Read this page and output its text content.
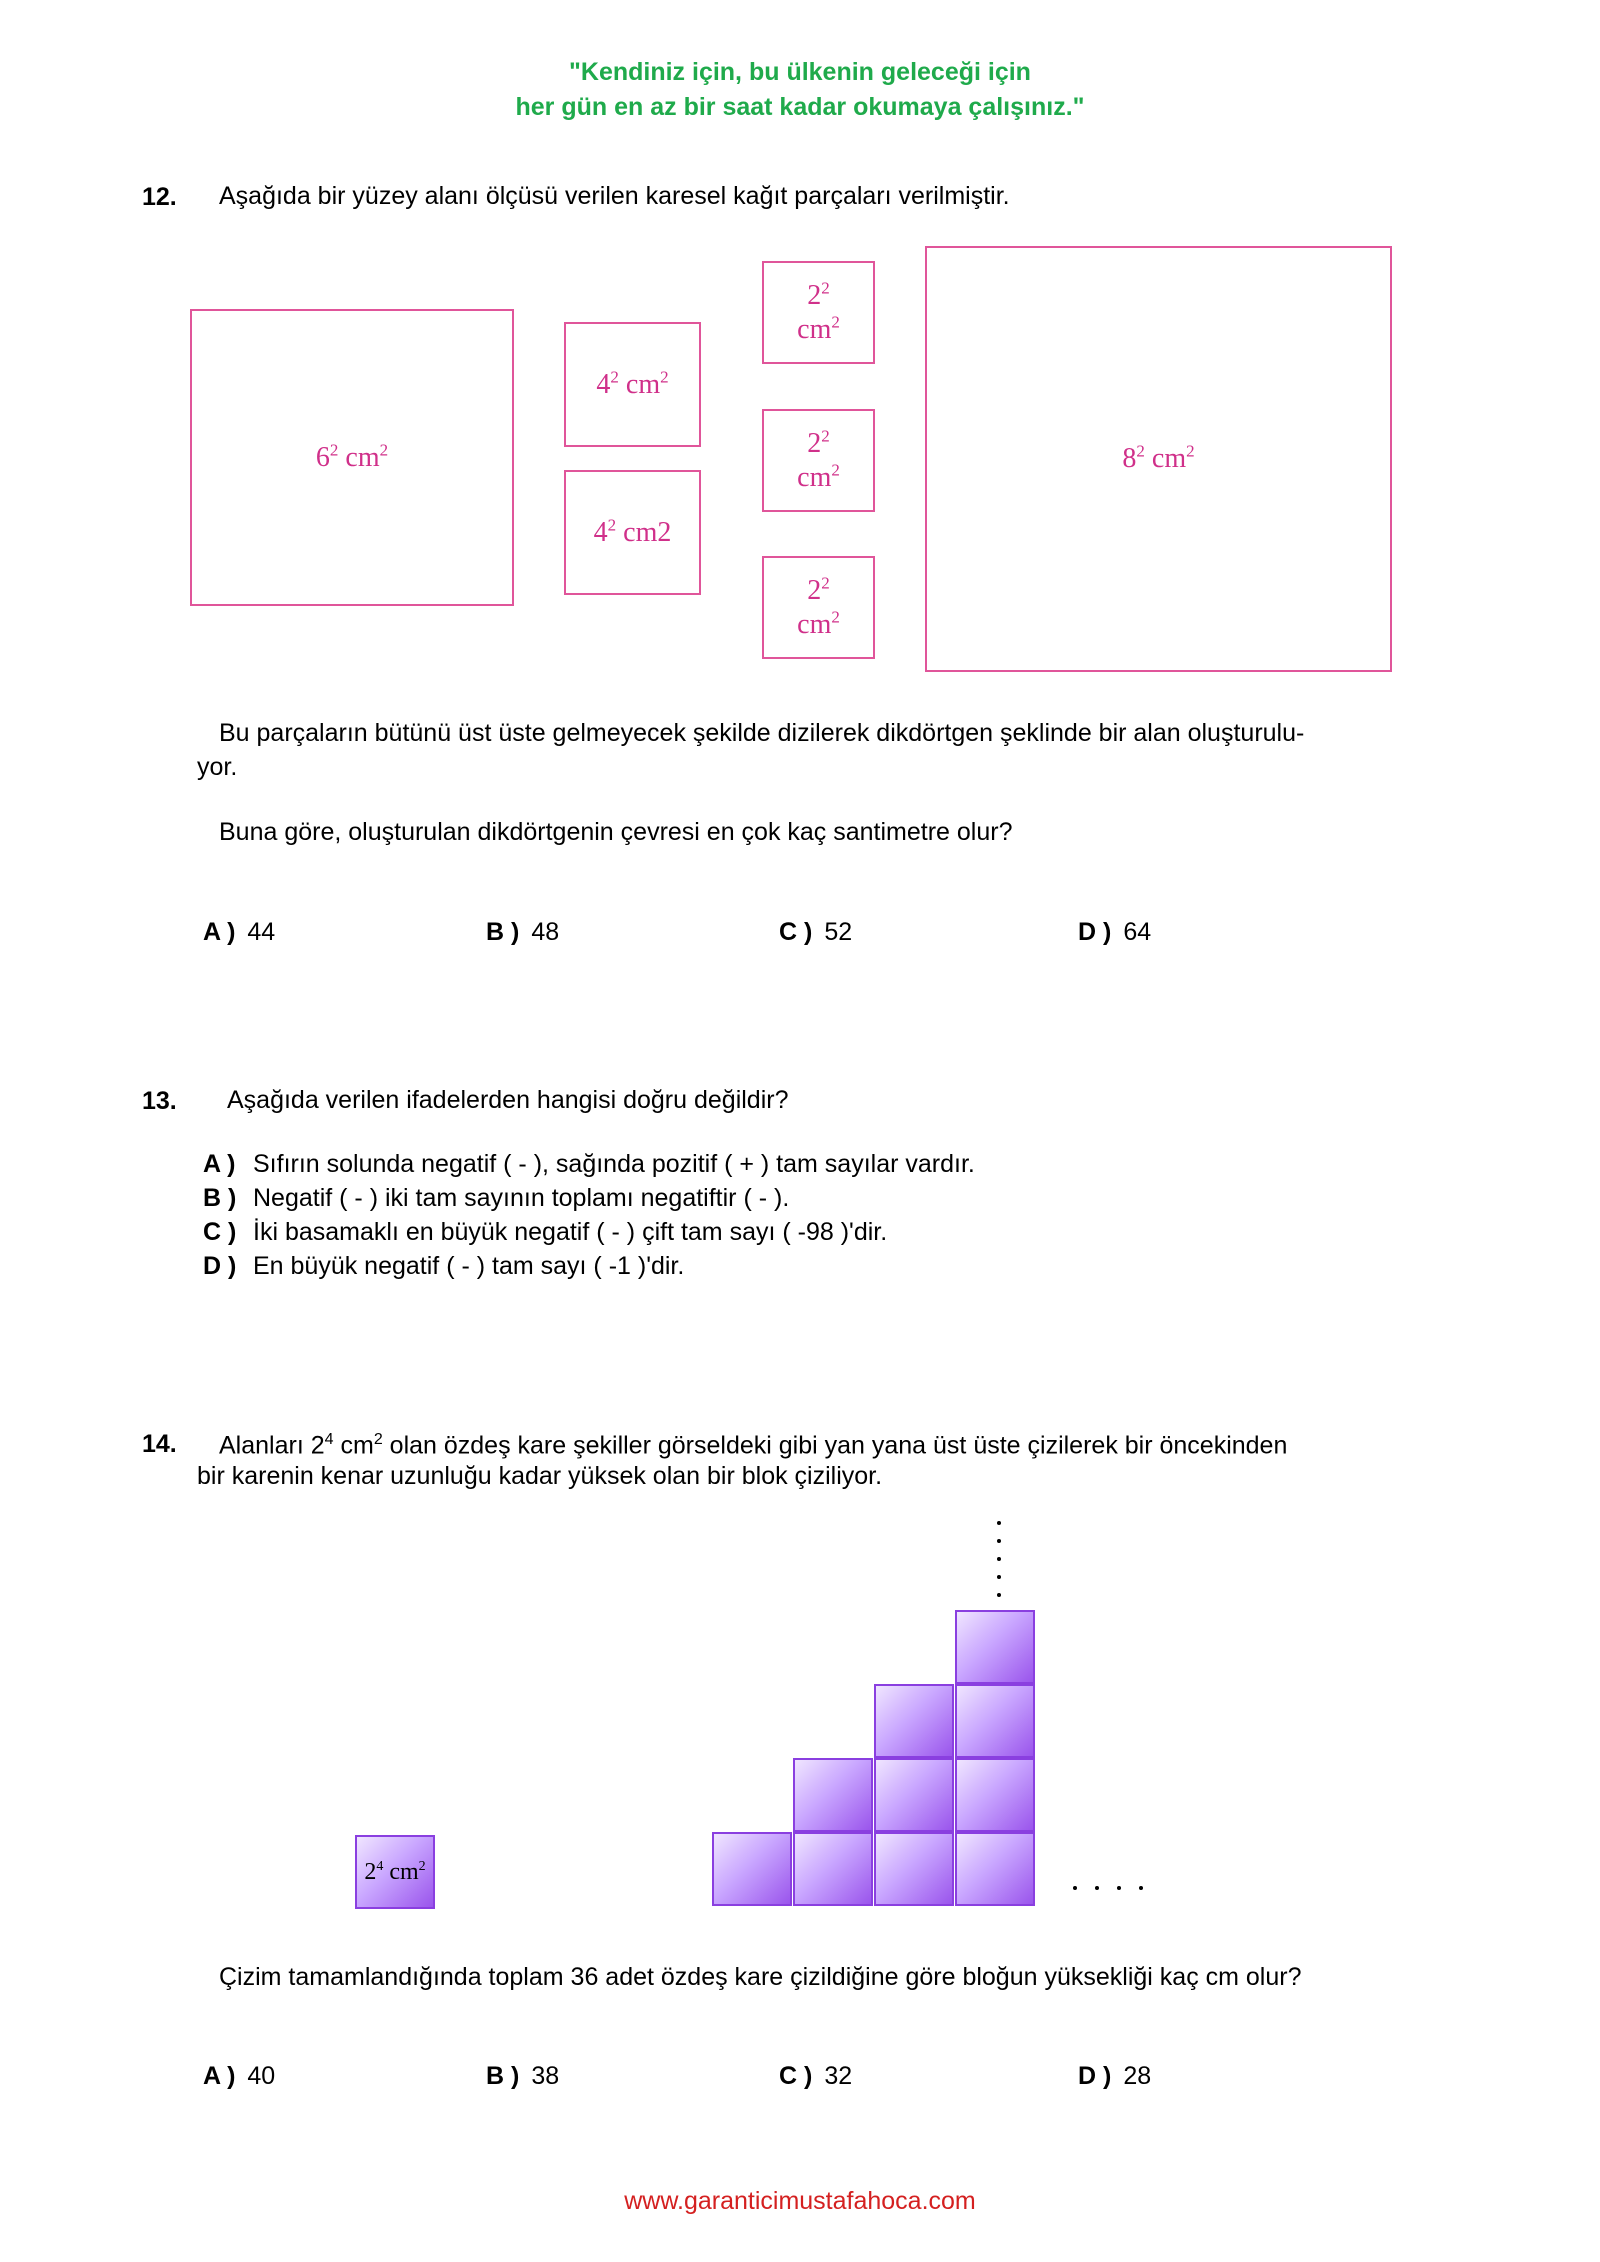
"Kendiniz için, bu ülkenin geleceği için
her gün en az bir saat kadar okumaya çalışınız."
12. Aşağıda bir yüzey alanı ölçüsü verilen karesel kağıt parçaları verilmiştir.
$6^2$ $cm^2$
$4^2$ $cm^2$
$4^2$ cm2
$2^2$
$cm^2$
$2^2$
$cm^2$
$2^2$
$cm^2$
$8^2$ $cm^2$
Bu parçaların bütünü üst üste gelmeyecek şekilde dizilerek dikdörtgen şeklinde bir alan oluşturulu-
yor.
Buna göre, oluşturulan dikdörtgenin çevresi en çok kaç santimetre olur?
A ) 44	B ) 48	C ) 52	D ) 64
13. Aşağıda verilen ifadelerden hangisi doğru değildir?
A ) Sıfırın solunda negatif ( - ), sağında pozitif ( + ) tam sayılar vardır.
B ) Negatif ( - ) iki tam sayının toplamı negatiftir ( - ).
C ) İki basamaklı en büyük negatif ( - ) çift tam sayı ( -98 )'dir.
D ) En büyük negatif ( - ) tam sayı ( -1 )'dir.
14. Alanları $2^4$ $cm^2$ olan özdeş kare şekiller görseldeki gibi yan yana üst üste çizilerek bir öncekinden
bir karenin kenar uzunluğu kadar yüksek olan bir blok çiziliyor.
$2^4$ $cm^2$
Çizim tamamlandığında toplam 36 adet özdeş kare çizildiğine göre bloğun yüksekliği kaç cm olur?
A ) 40	B ) 38	C ) 32	D ) 28
www.garanticimustafahoca.com
